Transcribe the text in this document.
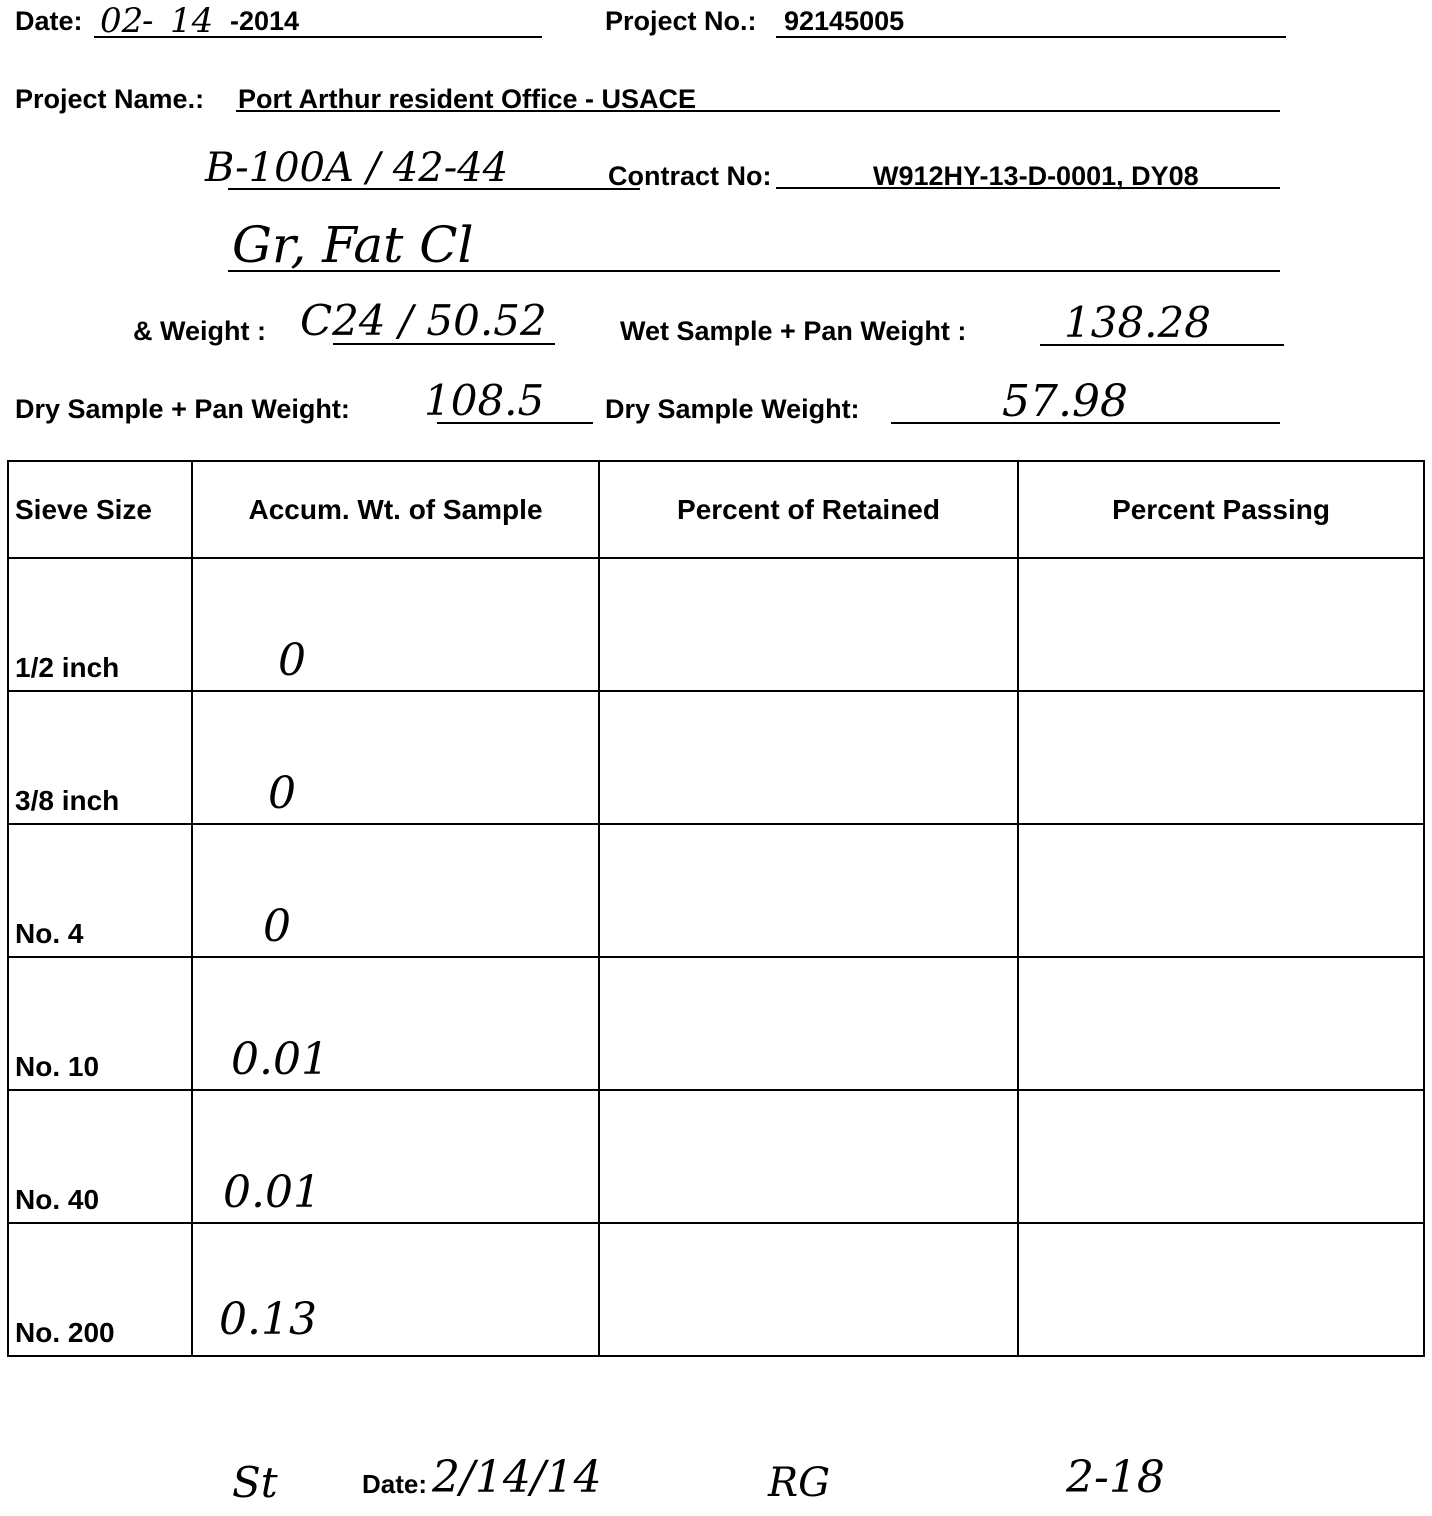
Date: 02
- 14 -2014	Project No.: 92145005
Project Name.: Port Arthur resident Office - USACE
B-100A / 42-44	Contract No:	W912HY-13-D-0001, DY08
Gr, Fat Cl
& Weight : C24 / 50.52	Wet Sample + Pan Weight : 138.28
Dry Sample + Pan Weight: 108.5 Dry Sample Weight:	57.98
Sieve Size	Accum. Wt. of Sample	Percent of Retained	Percent Passing

1/2 inch	0		

3/8 inch	0		

No. 4	0		

No. 10	0.01		

No. 40	0.01		

No. 200	0.13		

St	Date: 2/14/14	RG	2-18
